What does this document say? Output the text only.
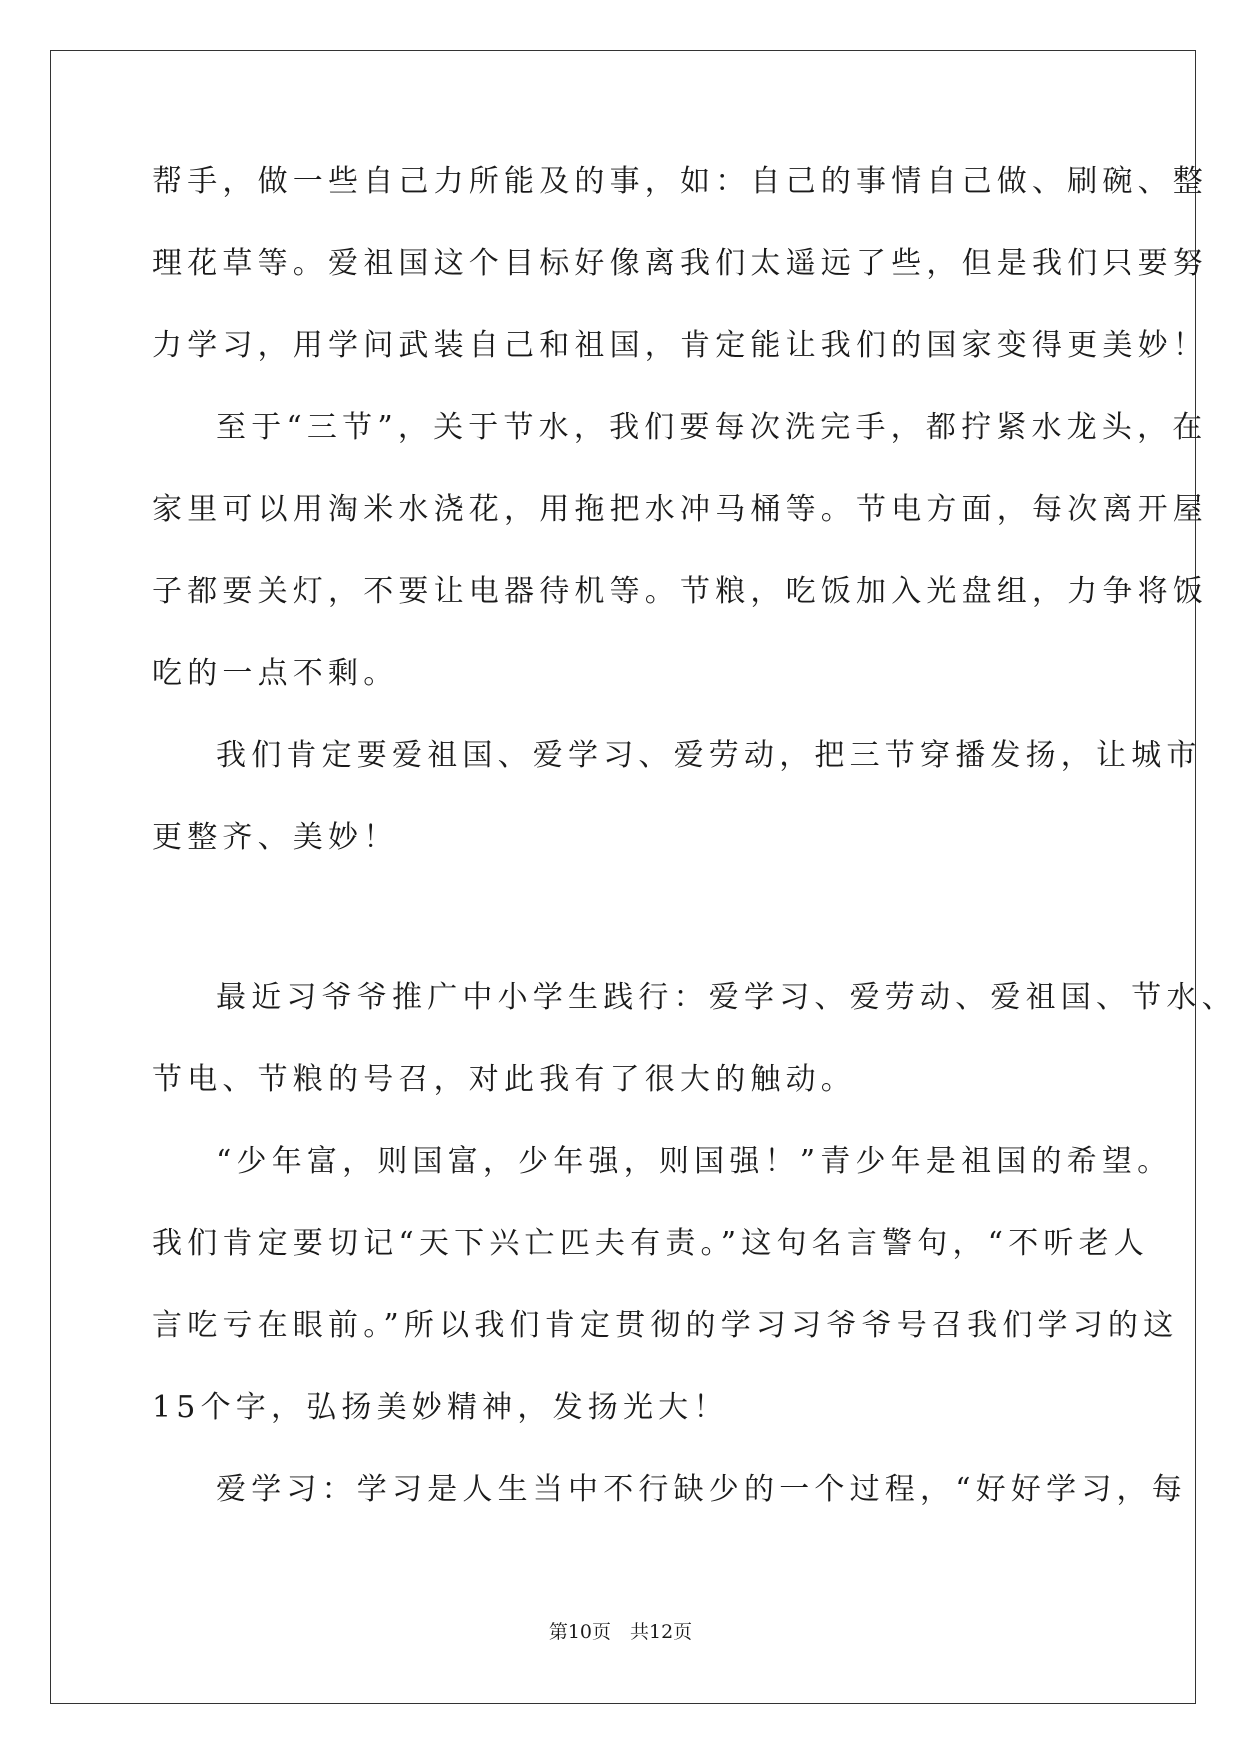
帮手，做一些自己力所能及的事，如：自己的事情自己做、刷碗、整
理花草等。爱祖国这个目标好像离我们太遥远了些，但是我们只要努
力学习，用学问武装自己和祖国，肯定能让我们的国家变得更美妙！
至于“三节”，关于节水，我们要每次洗完手，都拧紧水龙头，在
家里可以用淘米水浇花，用拖把水冲马桶等。节电方面，每次离开屋
子都要关灯，不要让电器待机等。节粮，吃饭加入光盘组，力争将饭
吃的一点不剩。
我们肯定要爱祖国、爱学习、爱劳动，把三节穿播发扬，让城市
更整齐、美妙！
最近习爷爷推广中小学生践行：爱学习、爱劳动、爱祖国、节水、
节电、节粮的号召，对此我有了很大的触动。
“少年富，则国富，少年强，则国强！”青少年是祖国的希望。
我们肯定要切记“天下兴亡匹夫有责。”这句名言警句，“不听老人
言吃亏在眼前。”所以我们肯定贯彻的学习习爷爷号召我们学习的这
15个字，弘扬美妙精神，发扬光大！
爱学习：学习是人生当中不行缺少的一个过程，“好好学习，每
第10页　共12页
